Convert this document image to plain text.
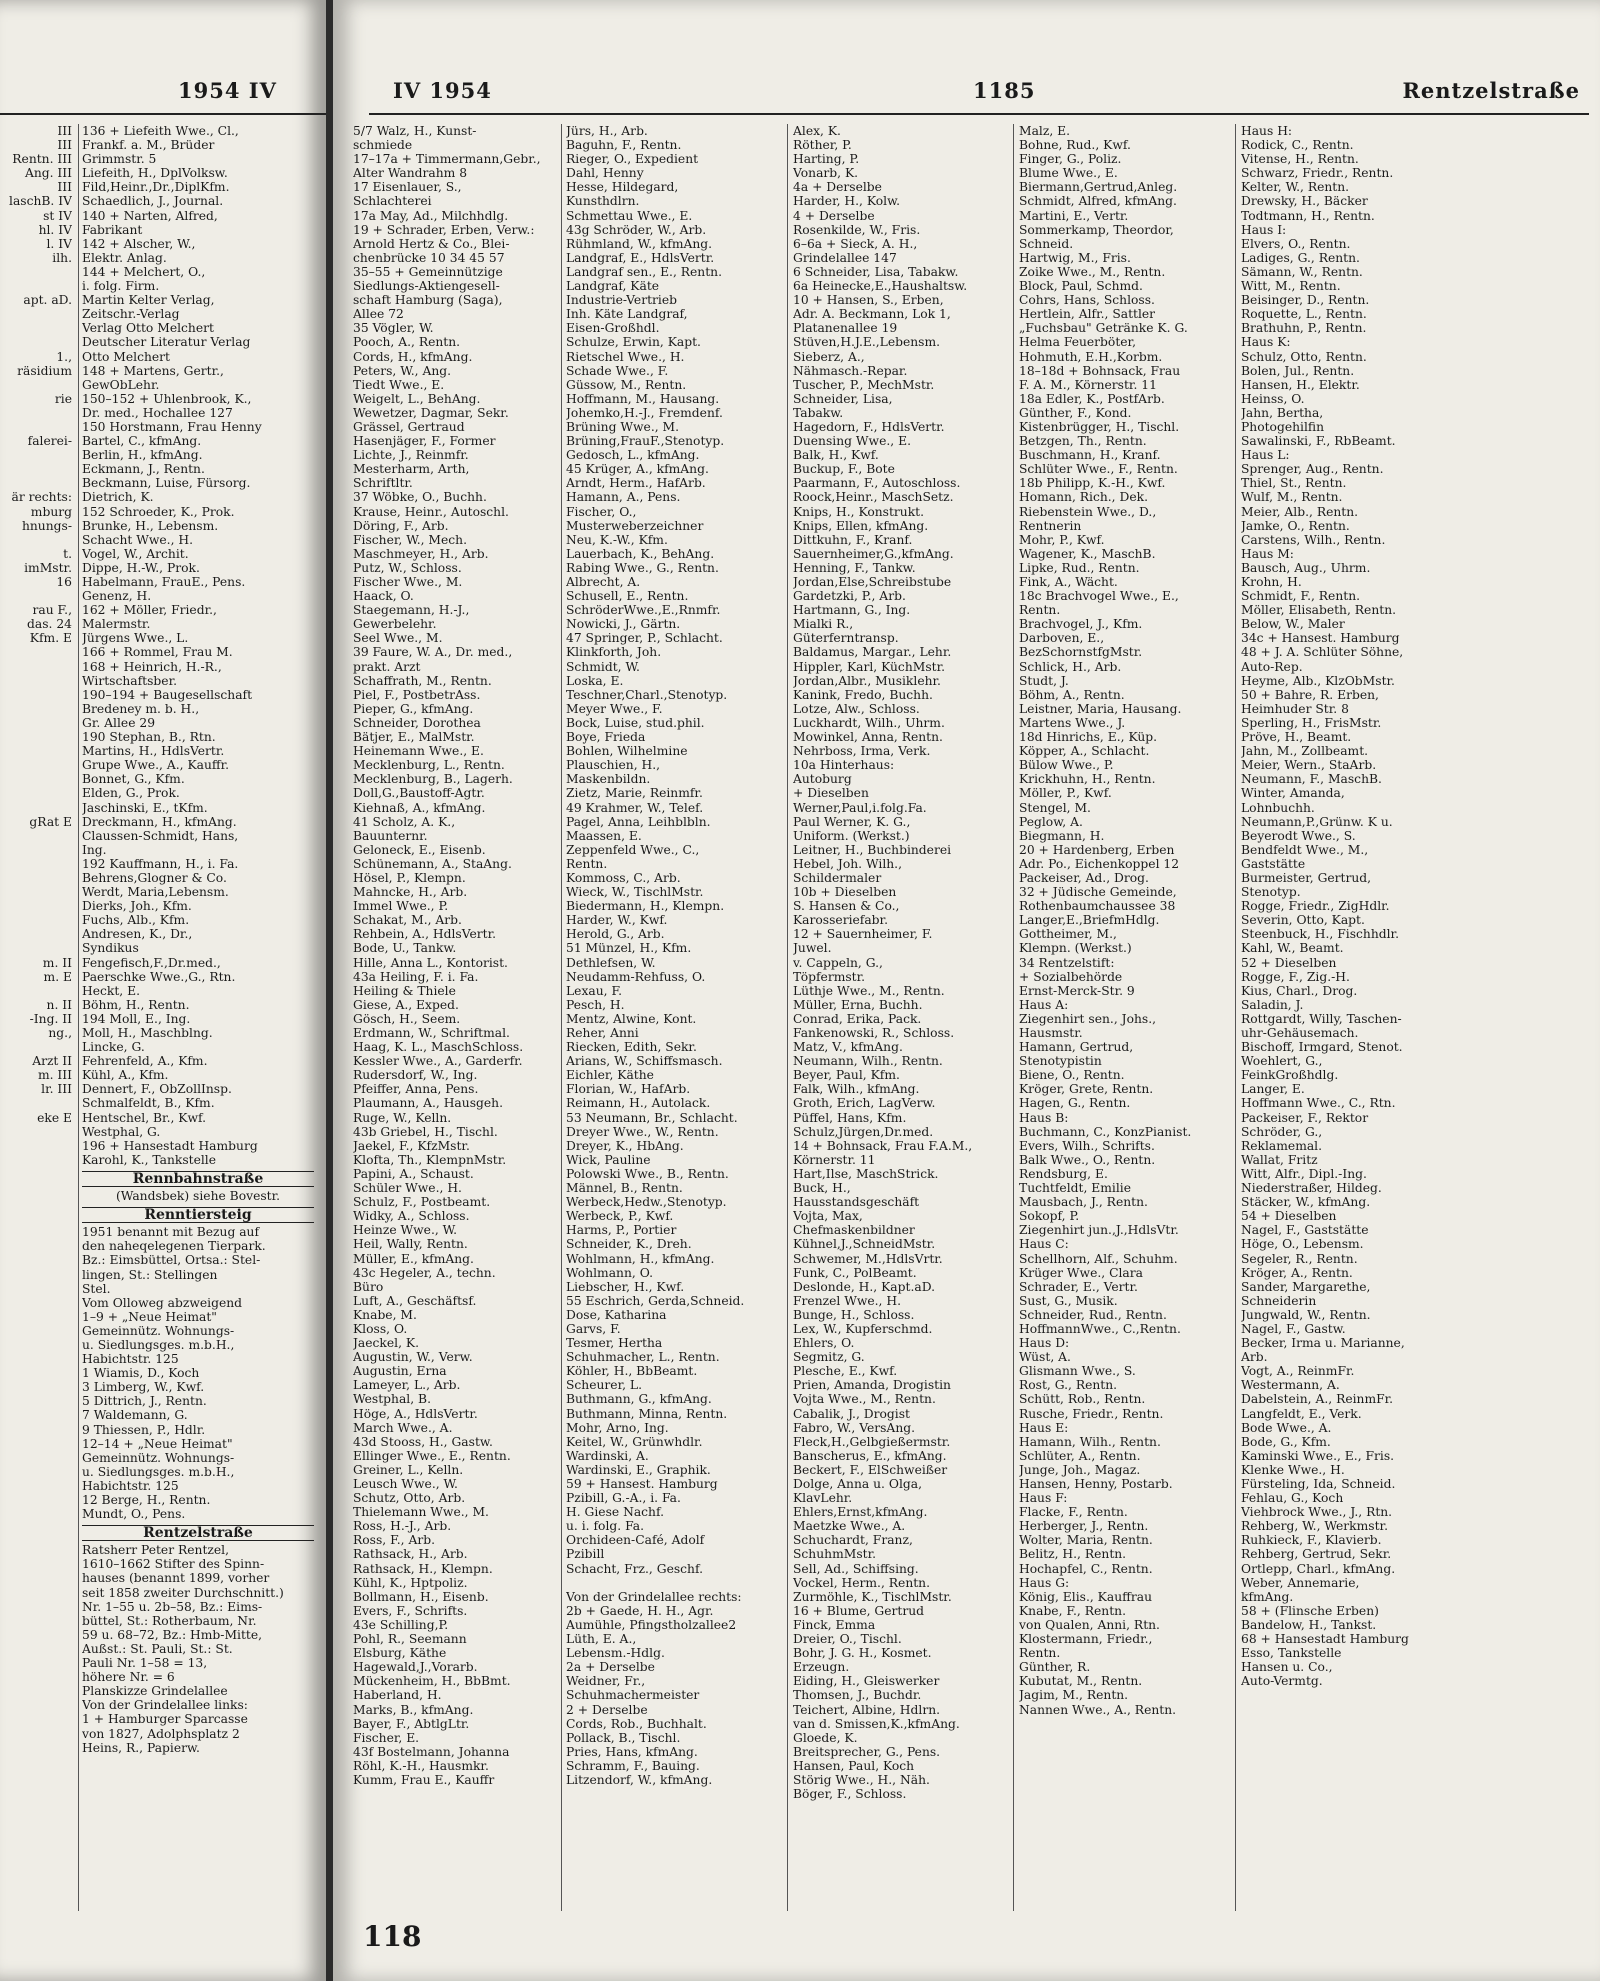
1954 IV
III
III
Rentn. III
Ang. III
III
laschB. IV
st IV
hl. IV
l. IV
ilh.

apt. aD.

1.,
räsidium

rie

falerei-

är rechts:
mburg
hnungs-

t.
imMstr.
16

rau F.,
das. 24
Kfm. E

gRat E

m. II
m. E

n. II
-Ing. II
ng.,

Arzt II
m. III
lr. III

eke E
136 + Liefeith Wwe., Cl.,
Frankf. a. M., Brüder
Grimmstr. 5
Liefeith, H., DplVolksw.
Fild,Heinr.,Dr.,DiplKfm.
Schaedlich, J., Journal.
140 + Narten, Alfred,
Fabrikant
142 + Alscher, W.,
Elektr. Anlag.
144 + Melchert, O.,
i. folg. Firm.
Martin Kelter Verlag,
Zeitschr.-Verlag
Verlag Otto Melchert
Deutscher Literatur Verlag
Otto Melchert
148 + Martens, Gertr.,
GewObLehr.
150–152 + Uhlenbrook, K.,
Dr. med., Hochallee 127
150 Horstmann, Frau Henny
Bartel, C., kfmAng.
Berlin, H., kfmAng.
Eckmann, J., Rentn.
Beckmann, Luise, Fürsorg.
Dietrich, K.
152 Schroeder, K., Prok.
Brunke, H., Lebensm.
Schacht Wwe., H.
Vogel, W., Archit.
Dippe, H.-W., Prok.
Habelmann, FrauE., Pens.
Genenz, H.
162 + Möller, Friedr.,
Malermstr.
Jürgens Wwe., L.
166 + Rommel, Frau M.
168 + Heinrich, H.-R.,
Wirtschaftsber.
190–194 + Baugesellschaft
Bredeney m. b. H.,
Gr. Allee 29
190 Stephan, B., Rtn.
Martins, H., HdlsVertr.
Grupe Wwe., A., Kauffr.
Bonnet, G., Kfm.
Elden, G., Prok.
Jaschinski, E., tKfm.
Dreckmann, H., kfmAng.
Claussen-Schmidt, Hans,
Ing.
192 Kauffmann, H., i. Fa.
Behrens,Glogner & Co.
Werdt, Maria,Lebensm.
Dierks, Joh., Kfm.
Fuchs, Alb., Kfm.
Andresen, K., Dr.,
Syndikus
Fengefisch,F.,Dr.med.,
Paerschke Wwe.,G., Rtn.
Heckt, E.
Böhm, H., Rentn.
194 Moll, E., Ing.
Moll, H., Maschblng.
Lincke, G.
Fehrenfeld, A., Kfm.
Kühl, A., Kfm.
Dennert, F., ObZollInsp.
Schmalfeldt, B., Kfm.
Hentschel, Br., Kwf.
Westphal, G.
196 + Hansestadt Hamburg
Karohl, K., Tankstelle
Rennbahnstraße
(Wandsbek) siehe Bovestr.
Renntiersteig
1951 benannt mit Bezug auf
den naheqelegenen Tierpark.
Bz.: Eimsbüttel, Ortsa.: Stel-
lingen, St.: Stellingen
Stel.
Vom Olloweg abzweigend
1–9 + „Neue Heimat"
Gemeinnütz. Wohnungs-
u. Siedlungsges. m.b.H.,
Habichtstr. 125
1 Wiamis, D., Koch
3 Limberg, W., Kwf.
5 Dittrich, J., Rentn.
7 Waldemann, G.
9 Thiessen, P., Hdlr.
12–14 + „Neue Heimat"
Gemeinnütz. Wohnungs-
u. Siedlungsges. m.b.H.,
Habichtstr. 125
12 Berge, H., Rentn.
Mundt, O., Pens.
Rentzelstraße
Ratsherr Peter Rentzel,
1610–1662 Stifter des Spinn-
hauses (benannt 1899, vorher
seit 1858 zweiter Durchschnitt.)
Nr. 1–55 u. 2b–58, Bz.: Eims-
büttel, St.: Rotherbaum, Nr.
59 u. 68–72, Bz.: Hmb-Mitte,
Außst.: St. Pauli, St.: St.
Pauli Nr. 1–58 = 13,
höhere Nr. = 6
Planskizze Grindelallee
Von der Grindelallee links:
1 + Hamburger Sparcasse
von 1827, Adolphsplatz 2
Heins, R., Papierw.
IV 1954	1185	Rentzelstraße
5/7 Walz, H., Kunst-
schmiede
17–17a + Timmermann,Gebr.,
Alter Wandrahm 8
17 Eisenlauer, S.,
Schlachterei
17a May, Ad., Milchhdlg.
19 + Schrader, Erben, Verw.:
Arnold Hertz & Co., Blei-
chenbrücke 10 34 45 57
35–55 + Gemeinnützige
Siedlungs-Aktiengesell-
schaft Hamburg (Saga),
Allee 72
35 Vögler, W.
Pooch, A., Rentn.
Cords, H., kfmAng.
Peters, W., Ang.
Tiedt Wwe., E.
Weigelt, L., BehAng.
Wewetzer, Dagmar, Sekr.
Grässel, Gertraud
Hasenjäger, F., Former
Lichte, J., Reinmfr.
Mesterharm, Arth,
Schriftltr.
37 Wöbke, O., Buchh.
Krause, Heinr., Autoschl.
Döring, F., Arb.
Fischer, W., Mech.
Maschmeyer, H., Arb.
Putz, W., Schloss.
Fischer Wwe., M.
Haack, O.
Staegemann, H.-J.,
Gewerbelehr.
Seel Wwe., M.
39 Faure, W. A., Dr. med.,
prakt. Arzt
Schaffrath, M., Rentn.
Piel, F., PostbetrAss.
Pieper, G., kfmAng.
Schneider, Dorothea
Bätjer, E., MalMstr.
Heinemann Wwe., E.
Mecklenburg, L., Rentn.
Mecklenburg, B., Lagerh.
Doll,G.,Baustoff-Agtr.
Kiehnaß, A., kfmAng.
41 Scholz, A. K.,
Bauunternr.
Geloneck, E., Eisenb.
Schünemann, A., StaAng.
Hösel, P., Klempn.
Mahncke, H., Arb.
Immel Wwe., P.
Schakat, M., Arb.
Rehbein, A., HdlsVertr.
Bode, U., Tankw.
Hille, Anna L., Kontorist.
43a Heiling, F. i. Fa.
Heiling & Thiele
Giese, A., Exped.
Gösch, H., Seem.
Erdmann, W., Schriftmal.
Haag, K. L., MaschSchloss.
Kessler Wwe., A., Garderfr.
Rudersdorf, W., Ing.
Pfeiffer, Anna, Pens.
Plaumann, A., Hausgeh.
Ruge, W., Kelln.
43b Griebel, H., Tischl.
Jaekel, F., KfzMstr.
Klofta, Th., KlempnMstr.
Papini, A., Schaust.
Schüler Wwe., H.
Schulz, F., Postbeamt.
Widky, A., Schloss.
Heinze Wwe., W.
Heil, Wally, Rentn.
Müller, E., kfmAng.
43c Hegeler, A., techn.
Büro
Luft, A., Geschäftsf.
Knabe, M.
Kloss, O.
Jaeckel, K.
Augustin, W., Verw.
Augustin, Erna
Lameyer, L., Arb.
Westphal, B.
Höge, A., HdlsVertr.
March Wwe., A.
43d Stooss, H., Gastw.
Ellinger Wwe., E., Rentn.
Greiner, L., Kelln.
Leusch Wwe., W.
Schutz, Otto, Arb.
Thielemann Wwe., M.
Ross, H.-J., Arb.
Ross, F., Arb.
Rathsack, H., Arb.
Rathsack, H., Klempn.
Kühl, K., Hptpoliz.
Bollmann, H., Eisenb.
Evers, F., Schrifts.
43e Schilling,P.
Pohl, R., Seemann
Elsburg, Käthe
Hagewald,J.,Vorarb.
Mückenheim, H., BbBmt.
Haberland, H.
Marks, B., kfmAng.
Bayer, F., AbtlgLtr.
Fischer, E.
43f Bostelmann, Johanna
Röhl, K.-H., Hausmkr.
Kumm, Frau E., Kauffr
Jürs, H., Arb.
Baguhn, F., Rentn.
Rieger, O., Expedient
Dahl, Henny
Hesse, Hildegard,
Kunsthdlrn.
Schmettau Wwe., E.
43g Schröder, W., Arb.
Rühmland, W., kfmAng.
Landgraf, E., HdlsVertr.
Landgraf sen., E., Rentn.
Landgraf, Käte
Industrie-Vertrieb
Inh. Käte Landgraf,
Eisen-Großhdl.
Schulze, Erwin, Kapt.
Rietschel Wwe., H.
Schade Wwe., F.
Güssow, M., Rentn.
Hoffmann, M., Hausang.
Johemko,H.-J., Fremdenf.
Brüning Wwe., M.
Brüning,FrauF.,Stenotyp.
Gedosch, L., kfmAng.
45 Krüger, A., kfmAng.
Arndt, Herm., HafArb.
Hamann, A., Pens.
Fischer, O.,
Musterweberzeichner
Neu, K.-W., Kfm.
Lauerbach, K., BehAng.
Rabing Wwe., G., Rentn.
Albrecht, A.
Schusell, E., Rentn.
SchröderWwe.,E.,Rnmfr.
Nowicki, J., Gärtn.
47 Springer, P., Schlacht.
Klinkforth, Joh.
Schmidt, W.
Loska, E.
Teschner,Charl.,Stenotyp.
Meyer Wwe., F.
Bock, Luise, stud.phil.
Boye, Frieda
Bohlen, Wilhelmine
Plauschien, H.,
Maskenbildn.
Zietz, Marie, Reinmfr.
49 Krahmer, W., Telef.
Pagel, Anna, Leihblbln.
Maassen, E.
Zeppenfeld Wwe., C.,
Rentn.
Kommoss, C., Arb.
Wieck, W., TischlMstr.
Biedermann, H., Klempn.
Harder, W., Kwf.
Herold, G., Arb.
51 Münzel, H., Kfm.
Dethlefsen, W.
Neudamm-Rehfuss, O.
Lexau, F.
Pesch, H.
Mentz, Alwine, Kont.
Reher, Anni
Riecken, Edith, Sekr.
Arians, W., Schiffsmasch.
Eichler, Käthe
Florian, W., HafArb.
Reimann, H., Autolack.
53 Neumann, Br., Schlacht.
Dreyer Wwe., W., Rentn.
Dreyer, K., HbAng.
Wick, Pauline
Polowski Wwe., B., Rentn.
Männel, B., Rentn.
Werbeck,Hedw.,Stenotyp.
Werbeck, P., Kwf.
Harms, P., Portier
Schneider, K., Dreh.
Wohlmann, H., kfmAng.
Wohlmann, O.
Liebscher, H., Kwf.
55 Eschrich, Gerda,Schneid.
Dose, Katharina
Garvs, F.
Tesmer, Hertha
Schuhmacher, L., Rentn.
Köhler, H., BbBeamt.
Scheurer, L.
Buthmann, G., kfmAng.
Buthmann, Minna, Rentn.
Mohr, Arno, Ing.
Keitel, W., Grünwhdlr.
Wardinski, A.
Wardinski, E., Graphik.
59 + Hansest. Hamburg
Pzibill, G.-A., i. Fa.
H. Giese Nachf.
u. i. folg. Fa.
Orchideen-Café, Adolf
Pzibill
Schacht, Frz., Geschf.

Von der Grindelallee rechts:
2b + Gaede, H. H., Agr.
Aumühle, Pfingstholzallee2
Lüth, E. A.,
Lebensm.-Hdlg.
2a + Derselbe
Weidner, Fr.,
Schuhmachermeister
2 + Derselbe
Cords, Rob., Buchhalt.
Pollack, B., Tischl.
Pries, Hans, kfmAng.
Schramm, F., Bauing.
Litzendorf, W., kfmAng.
Alex, K.
Röther, P.
Harting, P.
Vonarb, K.
4a + Derselbe
Harder, H., Kolw.
4 + Derselbe
Rosenkilde, W., Fris.
6–6a + Sieck, A. H.,
Grindelallee 147
6 Schneider, Lisa, Tabakw.
6a Heinecke,E.,Haushaltsw.
10 + Hansen, S., Erben,
Adr. A. Beckmann, Lok 1,
Platanenallee 19
Stüven,H.J.E.,Lebensm.
Sieberz, A.,
Nähmasch.-Repar.
Tuscher, P., MechMstr.
Schneider, Lisa,
Tabakw.
Hagedorn, F., HdlsVertr.
Duensing Wwe., E.
Balk, H., Kwf.
Buckup, F., Bote
Paarmann, F., Autoschloss.
Roock,Heinr., MaschSetz.
Knips, H., Konstrukt.
Knips, Ellen, kfmAng.
Dittkuhn, F., Kranf.
Sauernheimer,G.,kfmAng.
Henning, F., Tankw.
Jordan,Else,Schreibstube
Gardetzki, P., Arb.
Hartmann, G., Ing.
Mialki R.,
Güterferntransp.
Baldamus, Margar., Lehr.
Hippler, Karl, KüchMstr.
Jordan,Albr., Musiklehr.
Kanink, Fredo, Buchh.
Lotze, Alw., Schloss.
Luckhardt, Wilh., Uhrm.
Mowinkel, Anna, Rentn.
Nehrboss, Irma, Verk.
10a Hinterhaus:
Autoburg
+ Dieselben
Werner,Paul,i.folg.Fa.
Paul Werner, K. G.,
Uniform. (Werkst.)
Leitner, H., Buchbinderei
Hebel, Joh. Wilh.,
Schildermaler
10b + Dieselben
S. Hansen & Co.,
Karosseriefabr.
12 + Sauernheimer, F.
Juwel.
v. Cappeln, G.,
Töpfermstr.
Lüthje Wwe., M., Rentn.
Müller, Erna, Buchh.
Conrad, Erika, Pack.
Fankenowski, R., Schloss.
Matz, V., kfmAng.
Neumann, Wilh., Rentn.
Beyer, Paul, Kfm.
Falk, Wilh., kfmAng.
Groth, Erich, LagVerw.
Püffel, Hans, Kfm.
Schulz,Jürgen,Dr.med.
14 + Bohnsack, Frau F.A.M.,
Körnerstr. 11
Hart,Ilse, MaschStrick.
Buck, H.,
Hausstandsgeschäft
Vojta, Max,
Chefmaskenbildner
Kühnel,J.,SchneidMstr.
Schwemer, M.,HdlsVrtr.
Funk, C., PolBeamt.
Deslonde, H., Kapt.aD.
Frenzel Wwe., H.
Bunge, H., Schloss.
Lex, W., Kupferschmd.
Ehlers, O.
Segmitz, G.
Plesche, E., Kwf.
Prien, Amanda, Drogistin
Vojta Wwe., M., Rentn.
Cabalik, J., Drogist
Fabro, W., VersAng.
Fleck,H.,Gelbgießermstr.
Banscherus, E., kfmAng.
Beckert, F., ElSchweißer
Dolge, Anna u. Olga,
KlavLehr.
Ehlers,Ernst,kfmAng.
Maetzke Wwe., A.
Schuchardt, Franz,
SchuhmMstr.
Sell, Ad., Schiffsing.
Vockel, Herm., Rentn.
Zurmöhle, K., TischlMstr.
16 + Blume, Gertrud
Finck, Emma
Dreier, O., Tischl.
Bohr, J. G. H., Kosmet.
Erzeugn.
Eiding, H., Gleiswerker
Thomsen, J., Buchdr.
Teichert, Albine, Hdlrn.
van d. Smissen,K.,kfmAng.
Gloede, K.
Breitsprecher, G., Pens.
Hansen, Paul, Koch
Störig Wwe., H., Näh.
Böger, F., Schloss.
Malz, E.
Bohne, Rud., Kwf.
Finger, G., Poliz.
Blume Wwe., E.
Biermann,Gertrud,Anleg.
Schmidt, Alfred, kfmAng.
Martini, E., Vertr.
Sommerkamp, Theordor,
Schneid.
Hartwig, M., Fris.
Zoike Wwe., M., Rentn.
Block, Paul, Schmd.
Cohrs, Hans, Schloss.
Hertlein, Alfr., Sattler
„Fuchsbau" Getränke K. G.
Helma Feuerböter,
Hohmuth, E.H.,Korbm.
18–18d + Bohnsack, Frau
F. A. M., Körnerstr. 11
18a Edler, K., PostfArb.
Günther, F., Kond.
Kistenbrügger, H., Tischl.
Betzgen, Th., Rentn.
Buschmann, H., Kranf.
Schlüter Wwe., F., Rentn.
18b Philipp, K.-H., Kwf.
Homann, Rich., Dek.
Riebenstein Wwe., D.,
Rentnerin
Mohr, P., Kwf.
Wagener, K., MaschB.
Lipke, Rud., Rentn.
Fink, A., Wächt.
18c Brachvogel Wwe., E.,
Rentn.
Brachvogel, J., Kfm.
Darboven, E.,
BezSchornstfgMstr.
Schlick, H., Arb.
Studt, J.
Böhm, A., Rentn.
Leistner, Maria, Hausang.
Martens Wwe., J.
18d Hinrichs, E., Küp.
Köpper, A., Schlacht.
Bülow Wwe., P.
Krickhuhn, H., Rentn.
Möller, P., Kwf.
Stengel, M.
Peglow, A.
Biegmann, H.
20 + Hardenberg, Erben
Adr. Po., Eichenkoppel 12
Packeiser, Ad., Drog.
32 + Jüdische Gemeinde,
Rothenbaumchaussee 38
Langer,E.,BriefmHdlg.
Gottheimer, M.,
Klempn. (Werkst.)
34 Rentzelstift:
+ Sozialbehörde
Ernst-Merck-Str. 9
Haus A:
Ziegenhirt sen., Johs.,
Hausmstr.
Hamann, Gertrud,
Stenotypistin
Biene, O., Rentn.
Kröger, Grete, Rentn.
Hagen, G., Rentn.
Haus B:
Buchmann, C., KonzPianist.
Evers, Wilh., Schrifts.
Balk Wwe., O., Rentn.
Rendsburg, E.
Tuchtfeldt, Emilie
Mausbach, J., Rentn.
Sokopf, P.
Ziegenhirt jun.,J.,HdlsVtr.
Haus C:
Schellhorn, Alf., Schuhm.
Krüger Wwe., Clara
Schrader, E., Vertr.
Sust, G., Musik.
Schneider, Rud., Rentn.
HoffmannWwe., C.,Rentn.
Haus D:
Wüst, A.
Glismann Wwe., S.
Rost, G., Rentn.
Schütt, Rob., Rentn.
Rusche, Friedr., Rentn.
Haus E:
Hamann, Wilh., Rentn.
Schlüter, A., Rentn.
Junge, Joh., Magaz.
Hansen, Henny, Postarb.
Haus F:
Flacke, F., Rentn.
Herberger, J., Rentn.
Wolter, Maria, Rentn.
Belitz, H., Rentn.
Hochapfel, C., Rentn.
Haus G:
König, Elis., Kauffrau
Knabe, F., Rentn.
von Qualen, Anni, Rtn.
Klostermann, Friedr.,
Rentn.
Günther, R.
Kubutat, M., Rentn.
Jagim, M., Rentn.
Nannen Wwe., A., Rentn.
Haus H:
Rodick, C., Rentn.
Vitense, H., Rentn.
Schwarz, Friedr., Rentn.
Kelter, W., Rentn.
Drewsky, H., Bäcker
Todtmann, H., Rentn.
Haus I:
Elvers, O., Rentn.
Ladiges, G., Rentn.
Sämann, W., Rentn.
Witt, M., Rentn.
Beisinger, D., Rentn.
Roquette, L., Rentn.
Brathuhn, P., Rentn.
Haus K:
Schulz, Otto, Rentn.
Bolen, Jul., Rentn.
Hansen, H., Elektr.
Heinss, O.
Jahn, Bertha,
Photogehilfin
Sawalinski, F., RbBeamt.
Haus L:
Sprenger, Aug., Rentn.
Thiel, St., Rentn.
Wulf, M., Rentn.
Meier, Alb., Rentn.
Jamke, O., Rentn.
Carstens, Wilh., Rentn.
Haus M:
Bausch, Aug., Uhrm.
Krohn, H.
Schmidt, F., Rentn.
Möller, Elisabeth, Rentn.
Below, W., Maler
34c + Hansest. Hamburg
48 + J. A. Schlüter Söhne,
Auto-Rep.
Heyme, Alb., KlzObMstr.
50 + Bahre, R. Erben,
Heimhuder Str. 8
Sperling, H., FrisMstr.
Pröve, H., Beamt.
Jahn, M., Zollbeamt.
Meier, Wern., StaArb.
Neumann, F., MaschB.
Winter, Amanda,
Lohnbuchh.
Neumann,P.,Grünw. K u.
Beyerodt Wwe., S.
Bendfeldt Wwe., M.,
Gaststätte
Burmeister, Gertrud,
Stenotyp.
Rogge, Friedr., ZigHdlr.
Severin, Otto, Kapt.
Steenbuck, H., Fischhdlr.
Kahl, W., Beamt.
52 + Dieselben
Rogge, F., Zig.-H.
Kius, Charl., Drog.
Saladin, J.
Rottgardt, Willy, Taschen-
uhr-Gehäusemach.
Bischoff, Irmgard, Stenot.
Woehlert, G.,
FeinkGroßhdlg.
Langer, E.
Hoffmann Wwe., C., Rtn.
Packeiser, F., Rektor
Schröder, G.,
Reklamemal.
Wallat, Fritz
Witt, Alfr., Dipl.-Ing.
Niederstraßer, Hildeg.
Stäcker, W., kfmAng.
54 + Dieselben
Nagel, F., Gaststätte
Höge, O., Lebensm.
Segeler, R., Rentn.
Kröger, A., Rentn.
Sander, Margarethe,
Schneiderin
Jungwald, W., Rentn.
Nagel, F., Gastw.
Becker, Irma u. Marianne,
Arb.
Vogt, A., ReinmFr.
Westermann, A.
Dabelstein, A., ReinmFr.
Langfeldt, E., Verk.
Bode Wwe., A.
Bode, G., Kfm.
Kaminski Wwe., E., Fris.
Klenke Wwe., H.
Fürsteling, Ida, Schneid.
Fehlau, G., Koch
Viehbrock Wwe., J., Rtn.
Rehberg, W., Werkmstr.
Ruhkieck, F., Klavierb.
Rehberg, Gertrud, Sekr.
Ortlepp, Charl., kfmAng.
Weber, Annemarie,
kfmAng.
58 + (Flinsche Erben)
Bandelow, H., Tankst.
68 + Hansestadt Hamburg
Esso, Tankstelle
Hansen u. Co.,
Auto-Vermtg.
118
